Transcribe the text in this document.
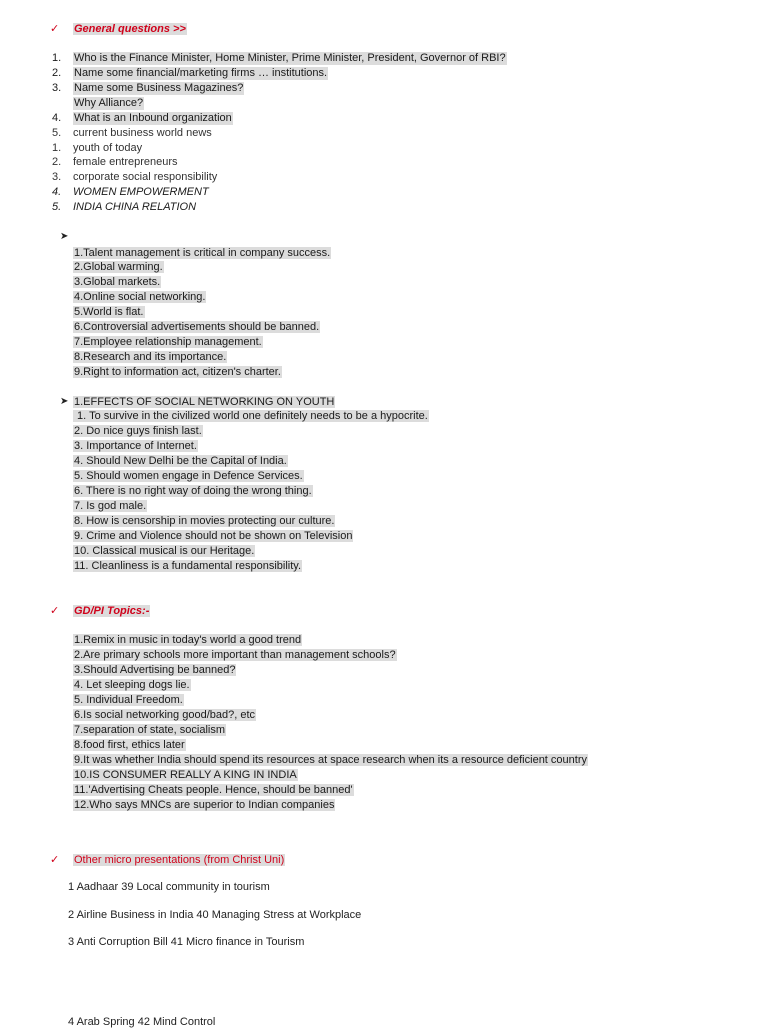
✓ General questions >>
1.	Who is the Finance Minister, Home Minister, Prime Minister, President, Governor of RBI?
2.	Name some financial/marketing firms … institutions.
3.	Name some Business Magazines?
Why Alliance?
4.	What is an Inbound organization
5.	current business world news
1.	youth of today
2.	female entrepreneurs
3.	corporate social responsibility
4.	WOMEN EMPOWERMENT
5.	INDIA CHINA RELATION
➤
1.Talent management is critical in company success.
2.Global warming.
3.Global markets.
4.Online social networking.
5.World is flat.
6.Controversial advertisements should be banned.
7.Employee relationship management.
8.Research and its importance.
9.Right to information act, citizen's charter.
➤ 1.EFFECTS OF SOCIAL NETWORKING ON YOUTH
1. To survive in the civilized world one definitely needs to be a hypocrite.
2. Do nice guys finish last.
3. Importance of Internet.
4. Should New Delhi be the Capital of India.
5. Should women engage in Defence Services.
6. There is no right way of doing the wrong thing.
7. Is god male.
8. How is censorship in movies protecting our culture.
9. Crime and Violence should not be shown on Television
10. Classical musical is our Heritage.
11. Cleanliness is a fundamental responsibility.
✓ GD/PI Topics:-
1.Remix in music in today's world a good trend
2.Are primary schools more important than management schools?
3.Should Advertising be banned?
4. Let sleeping dogs lie.
5. Individual Freedom.
6.Is social networking good/bad?, etc
7.separation of state, socialism
8.food first, ethics later
9.It was whether India should spend its resources at space research when its a resource deficient country
10.IS CONSUMER REALLY A KING IN INDIA
11.'Advertising Cheats people. Hence, should be banned'
12.Who says MNCs are superior to Indian companies
✓ Other micro presentations (from Christ Uni)
1 Aadhaar 39 Local community in tourism
2 Airline Business in India 40 Managing Stress at Workplace
3 Anti Corruption Bill 41 Micro finance in Tourism
4 Arab Spring 42 Mind Control
